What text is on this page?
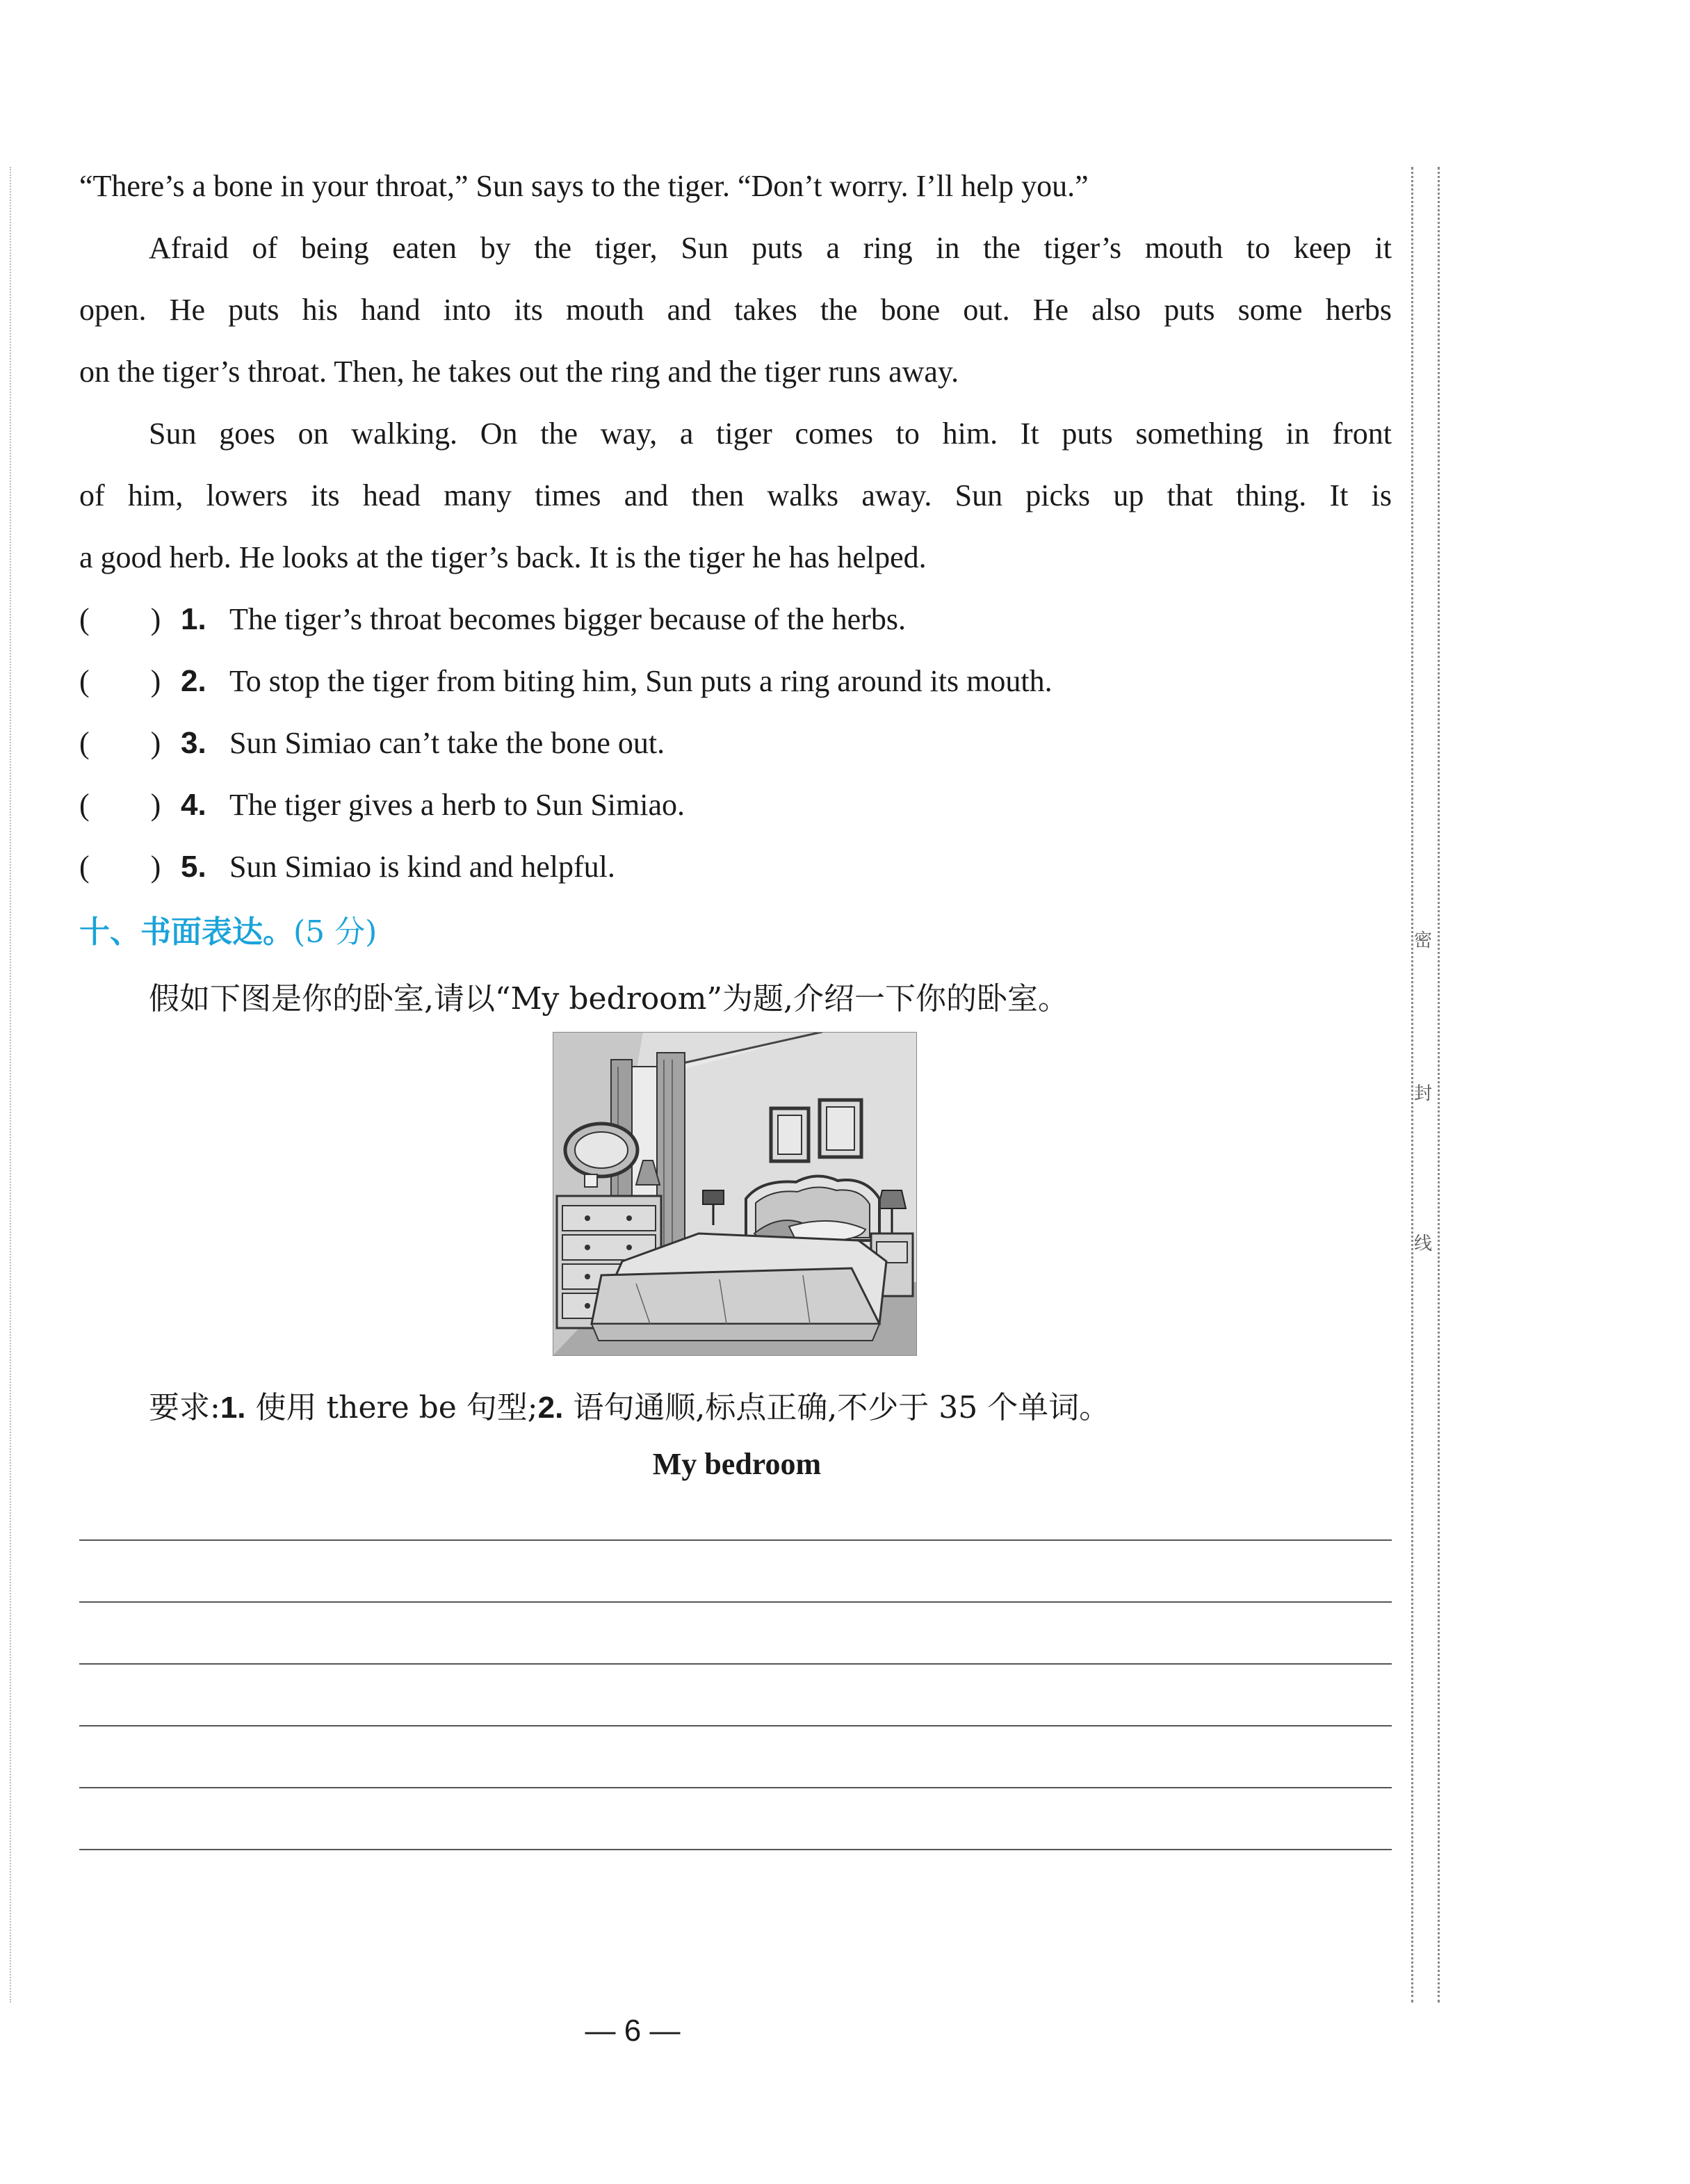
密
封
线
“There’s a bone in your throat,” Sun says to the tiger. “Don’t worry. I’ll help you.”
Afraid of being eaten by the tiger, Sun puts a ring in the tiger’s mouth to keep it
open. He puts his hand into its mouth and takes the bone out. He also puts some herbs
on the tiger’s throat. Then, he takes out the ring and the tiger runs away.
Sun goes on walking. On the way, a tiger comes to him. It puts something in front
of him, lowers its head many times and then walks away. Sun picks up that thing. It is
a good herb. He looks at the tiger’s back. It is the tiger he has helped.
(　　) 1. The tiger’s throat becomes bigger because of the herbs.
(　　) 2. To stop the tiger from biting him, Sun puts a ring around its mouth.
(　　) 3. Sun Simiao can’t take the bone out.
(　　) 4. The tiger gives a herb to Sun Simiao.
(　　) 5. Sun Simiao is kind and helpful.
十、书面表达。(5 分)
假如下图是你的卧室,请以“My bedroom”为题,介绍一下你的卧室。
要求:1. 使用 there be 句型;2. 语句通顺,标点正确,不少于 35 个单词。
My bedroom
— 6 —
